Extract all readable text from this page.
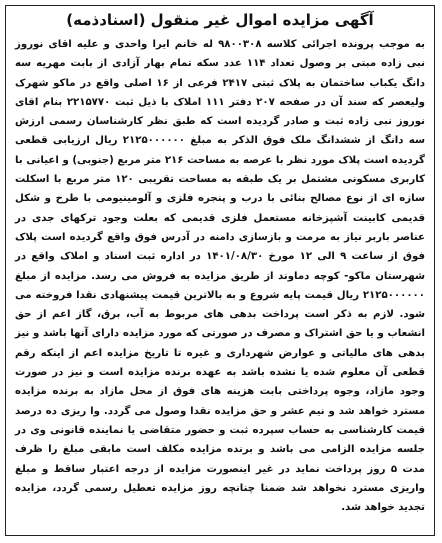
آگهی مزایده اموال غیر منقول (اسنادذمه)
به موجب پرونده اجرائی کلاسه ۹۸۰۰۳۰۸ له خانم ایرا واحدی و علیه اقای نوروز نبی زاده مبتی بر وصول تعداد ۱۱۴ عدد سکه تمام بهار آزادی از بابت مهریه سه دانگ یکباب ساختمان به پلاک ثبتی ۲۴۱۷ فرعی از ۱۶ اصلی واقع در ماکو شهرک ولیعصر که سند آن در صفحه ۲۰۷ دفتر ۱۱۱ املاک با ذیل ثبت ۲۲۱۵۷۷۰ بنام اقای نوروز نبی زاده ثبت و صادر گردیده است که طبق نظر کارشناسان رسمی ارزش سه دانگ از ششدانگ ملک فوق الذکر به مبلغ ۲۱۲۵۰۰۰۰۰۰ ریال ارزیابی قطعی گردیده است پلاک مورد نظر با عرصه به مساحت ۲۱۶ متر مربع (جنوبی) و اعیانی با کاربری مسکونی مشتمل بر یک طبقه به مساحت تقریبی ۱۲۰ متر مربع با اسکلت سازه ای از نوع مصالح بنائی با درب و پنجره فلزی و آلومینیومی با طرح و شکل قدیمی کابینت آشپزخانه مستعمل فلزی قدیمی که بعلت وجود ترکهای جدی در عناصر باربر نیاز به مرمت و بازسازی دامنه در آدرس فوق واقع گردیده است پلاک فوق از ساعت ۹ الی ۱۲ مورخ ۱۴۰۱/۰۸/۳۰ در اداره ثبت اسناد و املاک واقع در شهرستان ماکو- کوچه دماوند از طریق مزایده به فروش می رسد. مزایده از مبلغ ۲۱۲۵۰۰۰۰۰۰ ریال قیمت پایه شروع و به بالاترین قیمت پیشنهادی نقدا فروخته می شود. لازم به ذکر است پرداخت بدهی های مربوط به آب، برق، گاز اعم از حق انشعاب و یا حق اشتراک و مصرف در صورتی که مورد مزایده دارای آنها باشد و نیز بدهی های مالیاتی و عوارض شهرداری و غیره تا تاریخ مزایده اعم از اینکه رقم قطعی آن معلوم شده یا نشده باشد به عهده برنده مزایده است و نیز در صورت وجود مازاد، وجوه پرداختی بابت هزینه های فوق از محل مازاد به برنده مزایده مسترد خواهد شد و نیم عشر و حق مزایده نقدا وصول می گردد. وا ریزی ده درصد قیمت کارشناسی به حساب سپرده ثبت و حضور متقاضی یا نماینده قانونی وی در جلسه مزایده الزامی می باشد و برنده مزایده مکلف است مابقی مبلغ را ظرف مدت ۵ روز پرداخت نماید در غیر اینصورت مزایده از درجه اعتبار ساقط و مبلغ واریزی مسترد نخواهد شد ضمنا چنانچه روز مزایده تعطیل رسمی گردد، مزایده تجدید خواهد شد.
